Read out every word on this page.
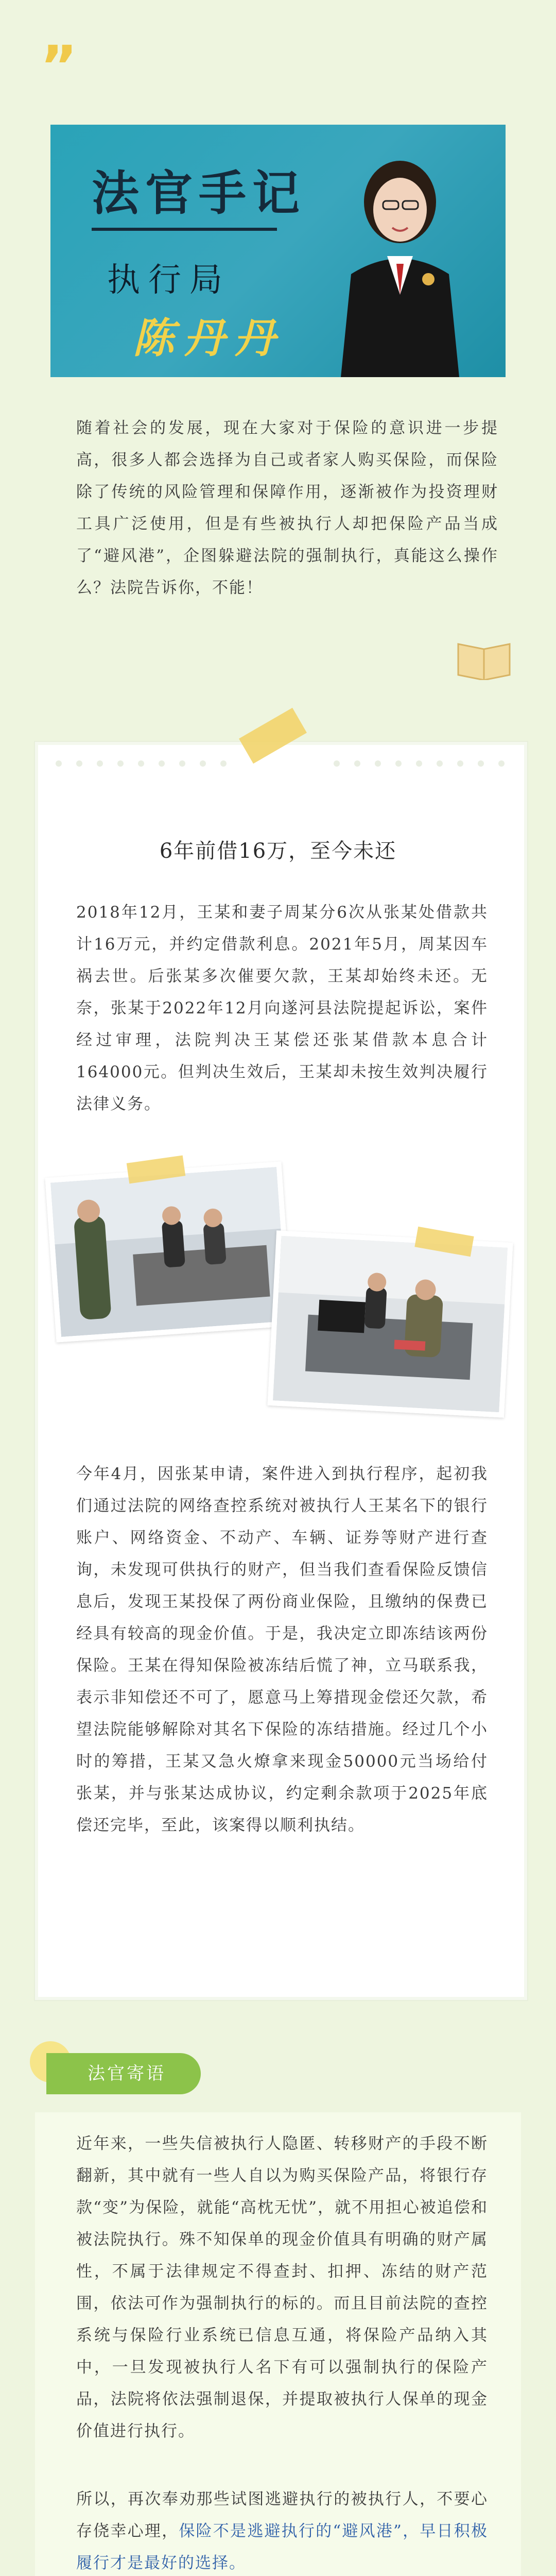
”
法官手记
执行局
陈丹丹
随着社会的发展，现在大家对于保险的意识进一步提高，很多人都会选择为自己或者家人购买保险，而保险除了传统的风险管理和保障作用，逐渐被作为投资理财工具广泛使用，但是有些被执行人却把保险产品当成了“避风港”，企图躲避法院的强制执行，真能这么操作么？法院告诉你，不能！
6年前借16万，至今未还
2018年12月，王某和妻子周某分6次从张某处借款共计16万元，并约定借款利息。2021年5月，周某因车祸去世。后张某多次催要欠款，王某却始终未还。无奈，张某于2022年12月向遂河县法院提起诉讼，案件经过审理，法院判决王某偿还张某借款本息合计164000元。但判决生效后，王某却未按生效判决履行法律义务。
今年4月，因张某申请，案件进入到执行程序，起初我们通过法院的网络查控系统对被执行人王某名下的银行账户、网络资金、不动产、车辆、证券等财产进行查询，未发现可供执行的财产，但当我们查看保险反馈信息后，发现王某投保了两份商业保险，且缴纳的保费已经具有较高的现金价值。于是，我决定立即冻结该两份保险。王某在得知保险被冻结后慌了神，立马联系我，表示非知偿还不可了，愿意马上筹措现金偿还欠款，希望法院能够解除对其名下保险的冻结措施。经过几个小时的筹措，王某又急火燎拿来现金50000元当场给付张某，并与张某达成协议，约定剩余款项于2025年底偿还完毕，至此，该案得以顺利执结。
法官寄语
近年来，一些失信被执行人隐匿、转移财产的手段不断翻新，其中就有一些人自以为购买保险产品，将银行存款“变”为保险，就能“高枕无忧”，就不用担心被追偿和被法院执行。殊不知保单的现金价值具有明确的财产属性，不属于法律规定不得查封、扣押、冻结的财产范围，依法可作为强制执行的标的。而且目前法院的查控系统与保险行业系统已信息互通，将保险产品纳入其中，一旦发现被执行人名下有可以强制执行的保险产品，法院将依法强制退保，并提取被执行人保单的现金价值进行执行。
所以，再次奉劝那些试图逃避执行的被执行人，不要心存侥幸心理，保险不是逃避执行的“避风港”，早日积极履行才是最好的选择。
